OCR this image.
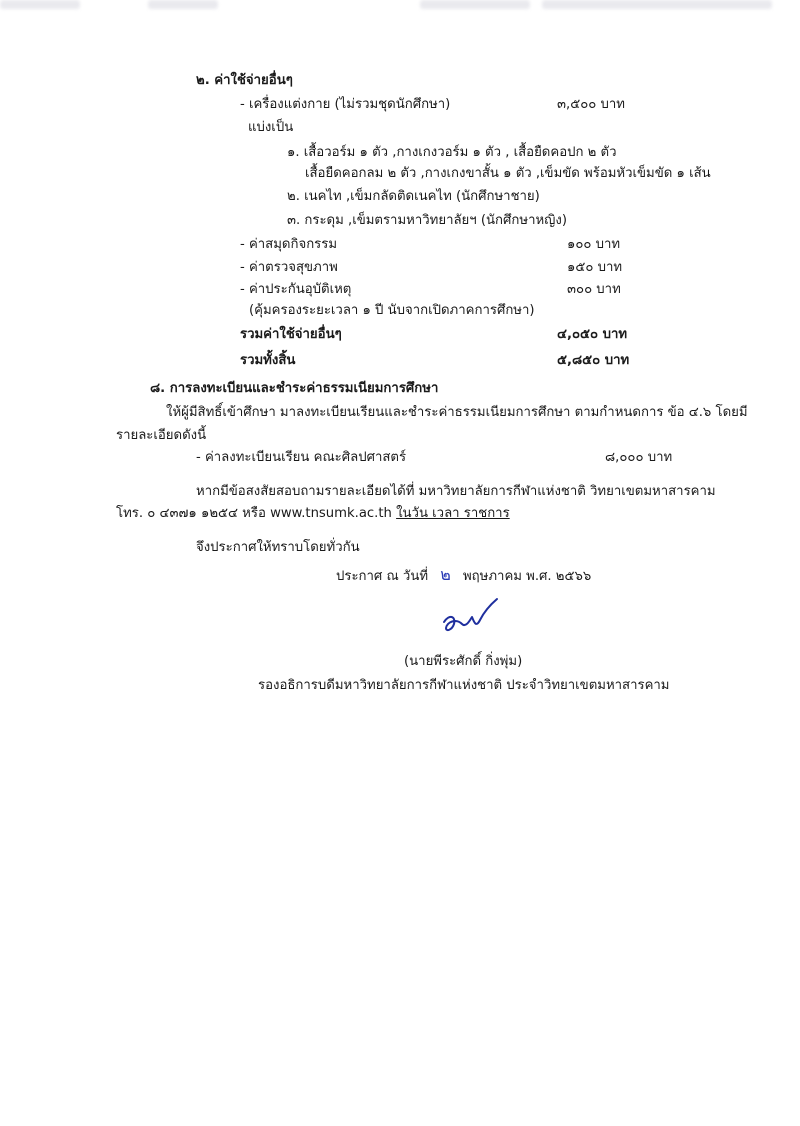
๒. ค่าใช้จ่ายอื่นๆ
- เครื่องแต่งกาย (ไม่รวมชุดนักศึกษา)	๓,๕๐๐ บาท
แบ่งเป็น
๑. เสื้อวอร์ม ๑ ตัว ,กางเกงวอร์ม ๑ ตัว , เสื้อยืดคอปก ๒ ตัว
เสื้อยืดคอกลม ๒ ตัว ,กางเกงขาสั้น ๑ ตัว ,เข็มขัด พร้อมหัวเข็มขัด ๑ เส้น
๒. เนคไท ,เข็มกลัดติดเนคไท (นักศึกษาชาย)
๓. กระดุม ,เข็มตรามหาวิทยาลัยฯ (นักศึกษาหญิง)
- ค่าสมุดกิจกรรม	๑๐๐ บาท
- ค่าตรวจสุขภาพ	๑๕๐ บาท
- ค่าประกันอุบัติเหตุ	๓๐๐ บาท
(คุ้มครองระยะเวลา ๑ ปี นับจากเปิดภาคการศึกษา)
รวมค่าใช้จ่ายอื่นๆ	๔,๐๕๐ บาท
รวมทั้งสิ้น	๕,๘๕๐ บาท
๘. การลงทะเบียนและชำระค่าธรรมเนียมการศึกษา
ให้ผู้มีสิทธิ์เข้าศึกษา มาลงทะเบียนเรียนและชำระค่าธรรมเนียมการศึกษา ตามกำหนดการ ข้อ ๔.๖ โดยมี
รายละเอียดดังนี้
- ค่าลงทะเบียนเรียน คณะศิลปศาสตร์	๘,๐๐๐ บาท
หากมีข้อสงสัยสอบถามรายละเอียดได้ที่ มหาวิทยาลัยการกีฬาแห่งชาติ วิทยาเขตมหาสารคาม
โทร. ๐ ๔๓๗๑ ๑๒๕๔ หรือ www.tnsumk.ac.th ในวัน เวลา ราชการ
จึงประกาศให้ทราบโดยทั่วกัน
ประกาศ ณ วันที่ ๒ พฤษภาคม พ.ศ. ๒๕๖๖
(นายพีระศักดิ์ กิ่งพุ่ม)
รองอธิการบดีมหาวิทยาลัยการกีฬาแห่งชาติ ประจำวิทยาเขตมหาสารคาม
